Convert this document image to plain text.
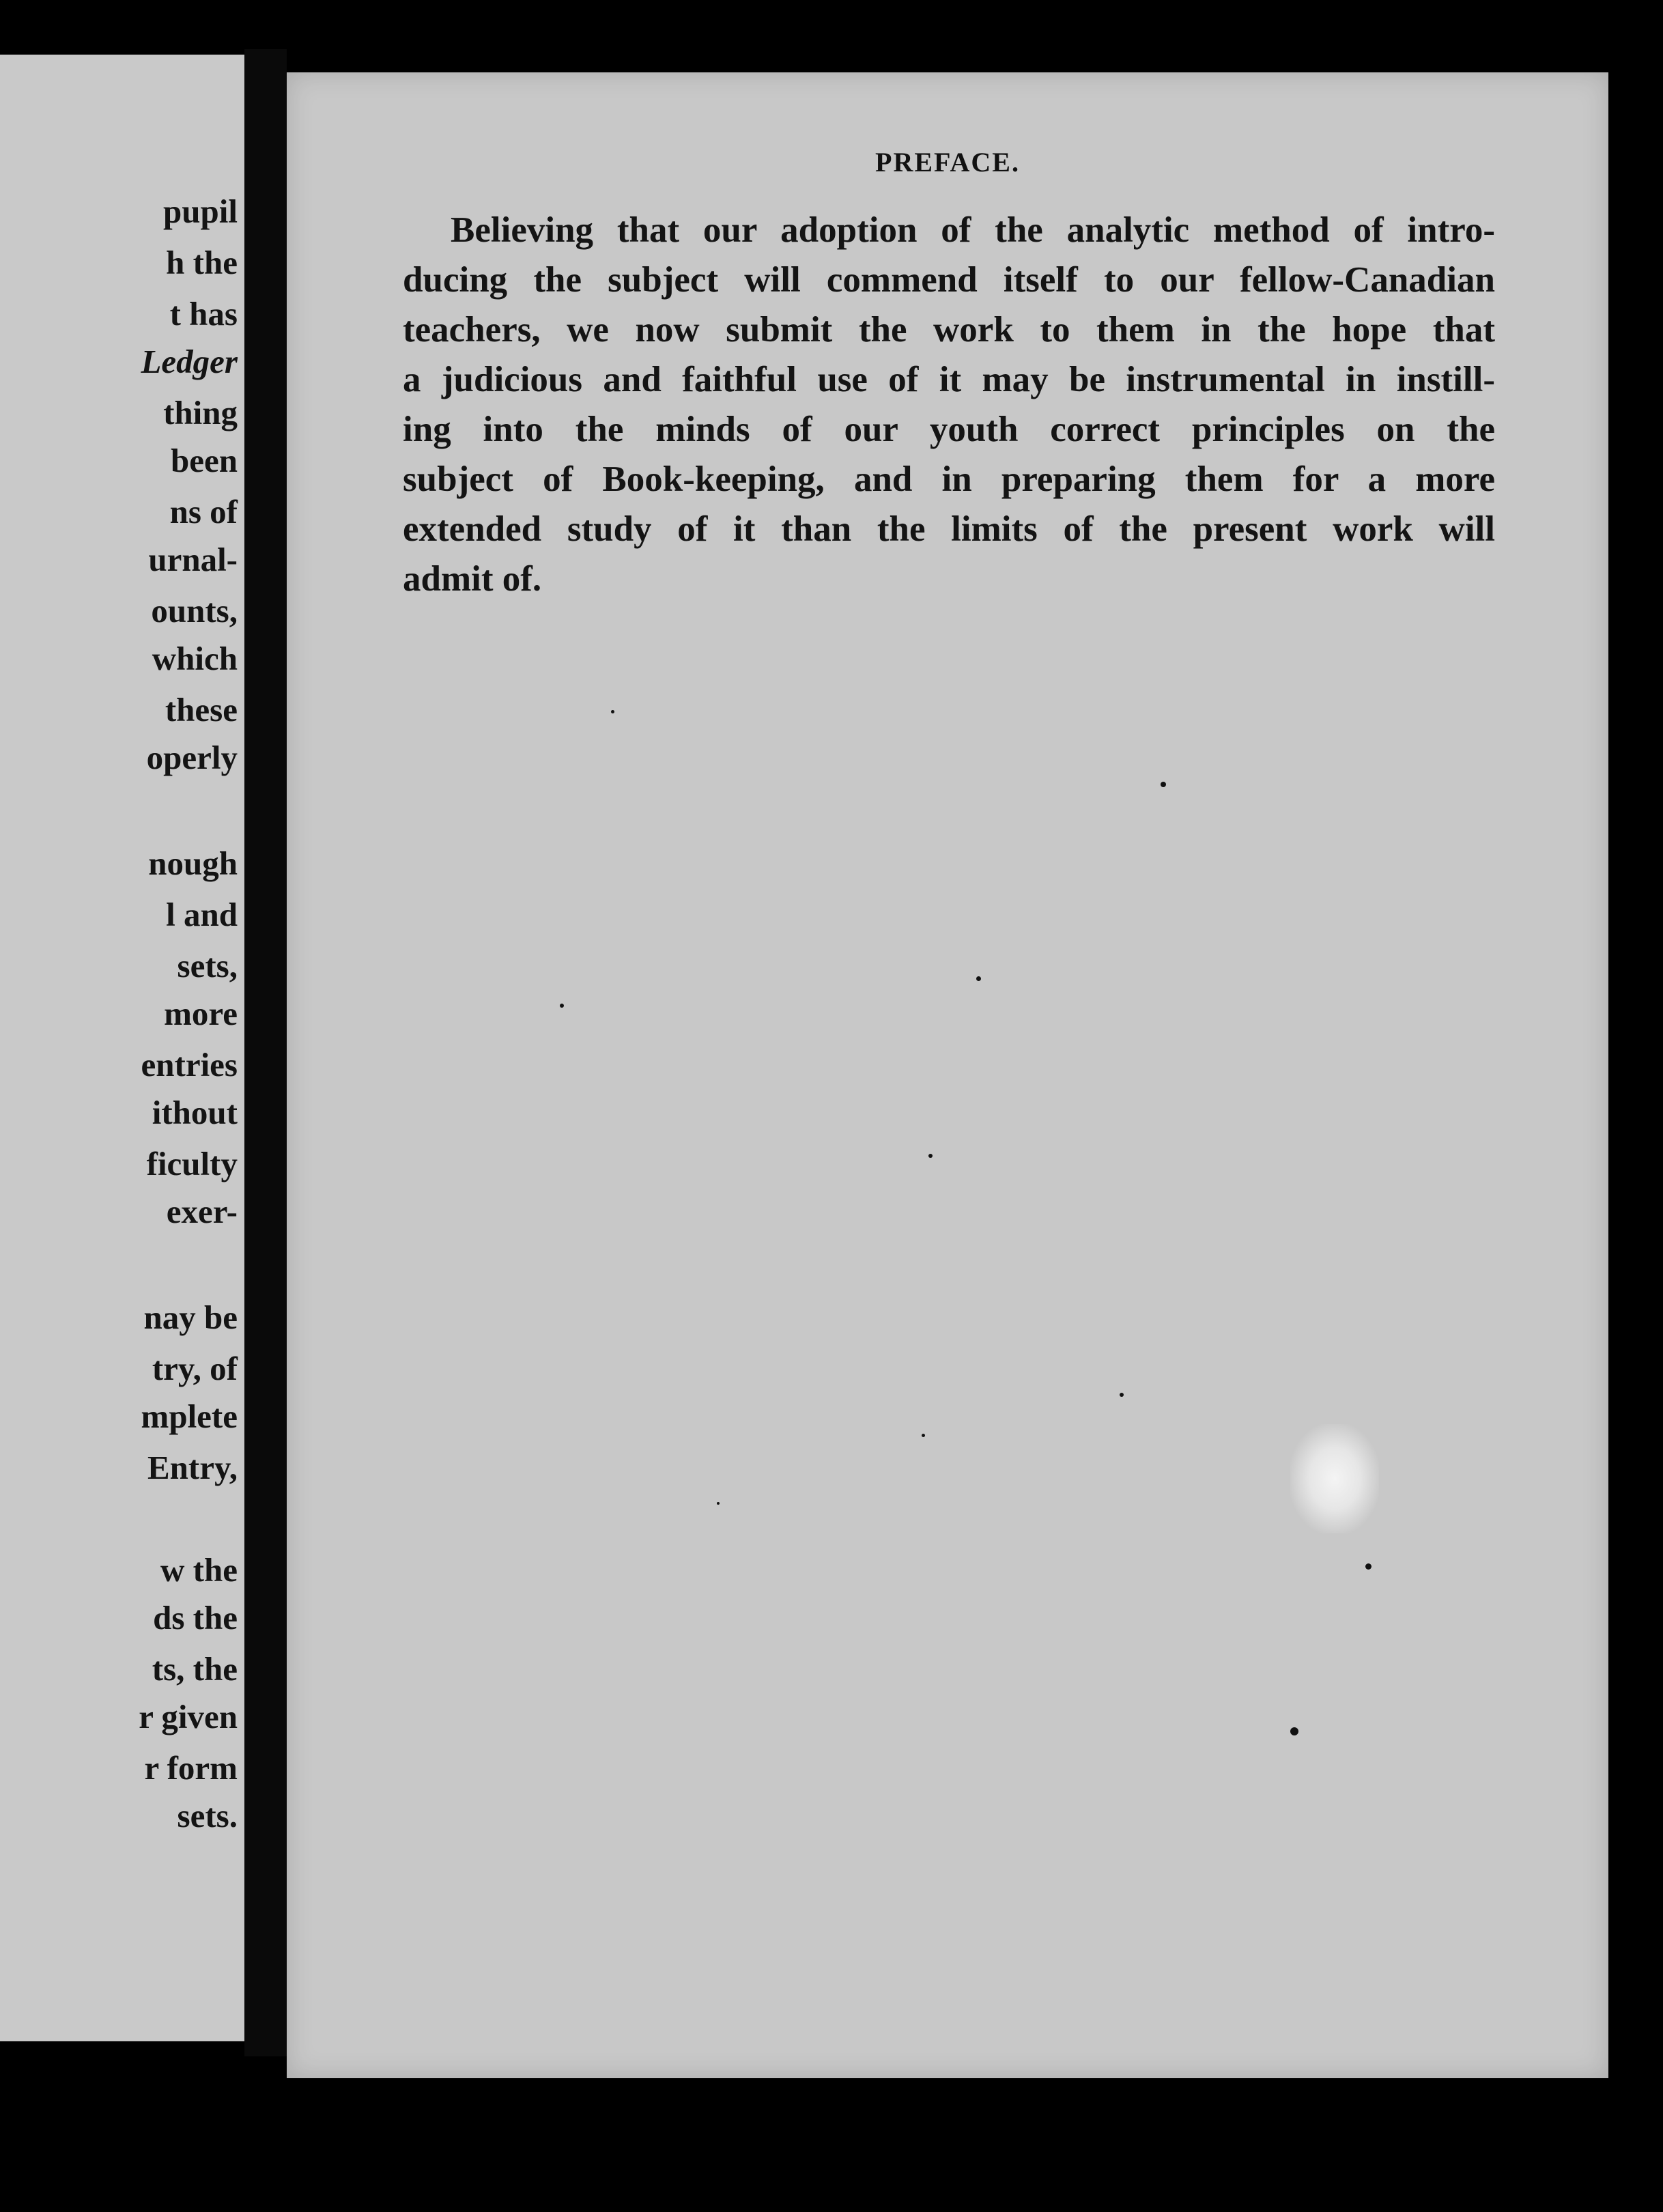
pupil
h the
t has
Ledger
thing
been
ns of
urnal-
ounts,
which
these
operly
nough
l and
sets,
more
entries
ithout
ficulty
exer-
nay be
try, of
mplete
Entry,
w the
ds the
ts, the
r given
r form
sets.
PREFACE.
Believing that our adoption of the analytic method of intro-
ducing the subject will commend itself to our fellow-Canadian
teachers, we now submit the work to them in the hope that
a judicious and faithful use of it may be instrumental in instill-
ing into the minds of our youth correct principles on the
subject of Book-keeping, and in preparing them for a more
extended study of it than the limits of the present work will
admit of.
